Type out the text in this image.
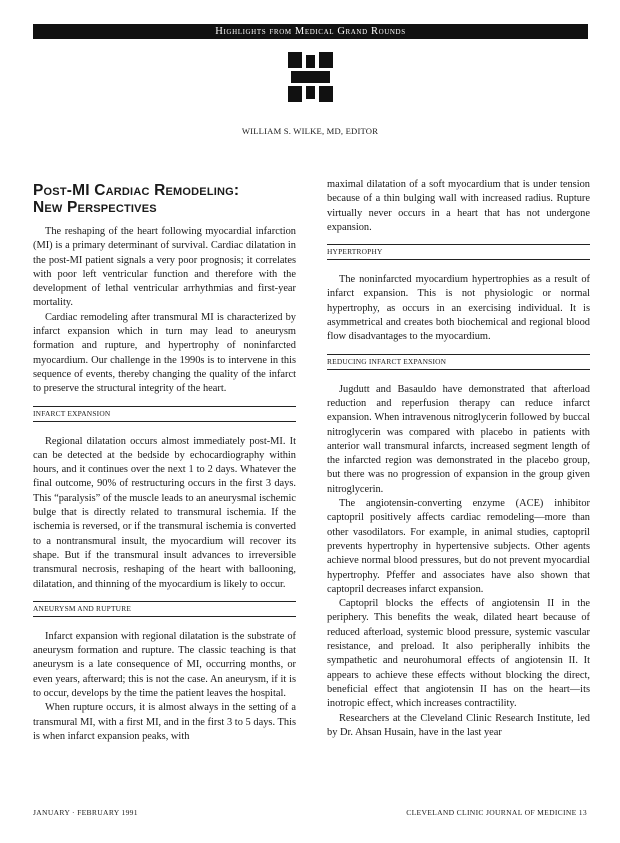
Highlights from Medical Grand Rounds
WILLIAM S. WILKE, MD, EDITOR
Post-MI Cardiac Remodeling:
New Perspectives

The reshaping of the heart following myocardial infarction (MI) is a primary determinant of survival. Cardiac dilatation in the post-MI patient signals a very poor prognosis; it correlates with poor left ventricular function and therefore with the development of lethal ventricular arrhythmias and first-year mortality.

Cardiac remodeling after transmural MI is characterized by infarct expansion which in turn may lead to aneurysm formation and rupture, and hypertrophy of noninfarcted myocardium. Our challenge in the 1990s is to intervene in this sequence of events, thereby changing the quality of the infarct to preserve the structural integrity of the heart.

INFARCT EXPANSION

Regional dilatation occurs almost immediately post-MI. It can be detected at the bedside by echocardiography within hours, and it continues over the next 1 to 2 days. Whatever the final outcome, 90% of restructuring occurs in the first 3 days. This “paralysis” of the muscle leads to an aneurysmal ischemic bulge that is directly related to transmural ischemia. If the ischemia is reversed, or if the transmural ischemia is converted to a nontransmural insult, the myocardium will recover its shape. But if the transmural insult advances to irreversible transmural necrosis, reshaping of the heart with ballooning, dilatation, and thinning of the myocardium is likely to occur.

ANEURYSM AND RUPTURE

Infarct expansion with regional dilatation is the substrate of aneurysm formation and rupture. The classic teaching is that aneurysm is a late consequence of MI, occurring months, or even years, afterward; this is not the case. An aneurysm, if it is to occur, develops by the time the patient leaves the hospital.

When rupture occurs, it is almost always in the setting of a transmural MI, with a first MI, and in the first 3 to 5 days. This is when infarct expansion peaks, with

maximal dilatation of a soft myocardium that is under tension because of a thin bulging wall with increased radius. Rupture virtually never occurs in a heart that has not undergone expansion.

HYPERTROPHY

The noninfarcted myocardium hypertrophies as a result of infarct expansion. This is not physiologic or normal hypertrophy, as occurs in an exercising individual. It is asymmetrical and creates both biochemical and regional blood flow disadvantages to the myocardium.

REDUCING INFARCT EXPANSION

Jugdutt and Basauldo have demonstrated that afterload reduction and reperfusion therapy can reduce infarct expansion. When intravenous nitroglycerin followed by buccal nitroglycerin was compared with placebo in patients with anterior wall transmural infarcts, increased segment length of the infarcted region was demonstrated in the placebo group, but there was no progression of expansion in the group given nitroglycerin.

The angiotensin-converting enzyme (ACE) inhibitor captopril positively affects cardiac remodeling—more than other vasodilators. For example, in animal studies, captopril prevents hypertrophy in hypertensive subjects. Other agents achieve normal blood pressures, but do not prevent myocardial hypertrophy. Pfeffer and associates have also shown that captopril decreases infarct expansion.

Captopril blocks the effects of angiotensin II in the periphery. This benefits the weak, dilated heart because of reduced afterload, systemic blood pressure, systemic vascular resistance, and preload. It also peripherally inhibits the sympathetic and neurohumoral effects of angiotensin II. It appears to achieve these effects without blocking the direct, beneficial effect that angiotensin II has on the heart—its inotropic effect, which increases contractility.

Researchers at the Cleveland Clinic Research Institute, led by Dr. Ahsan Husain, have in the last year

JANUARY · FEBRUARY 1991	CLEVELAND CLINIC JOURNAL OF MEDICINE 13
